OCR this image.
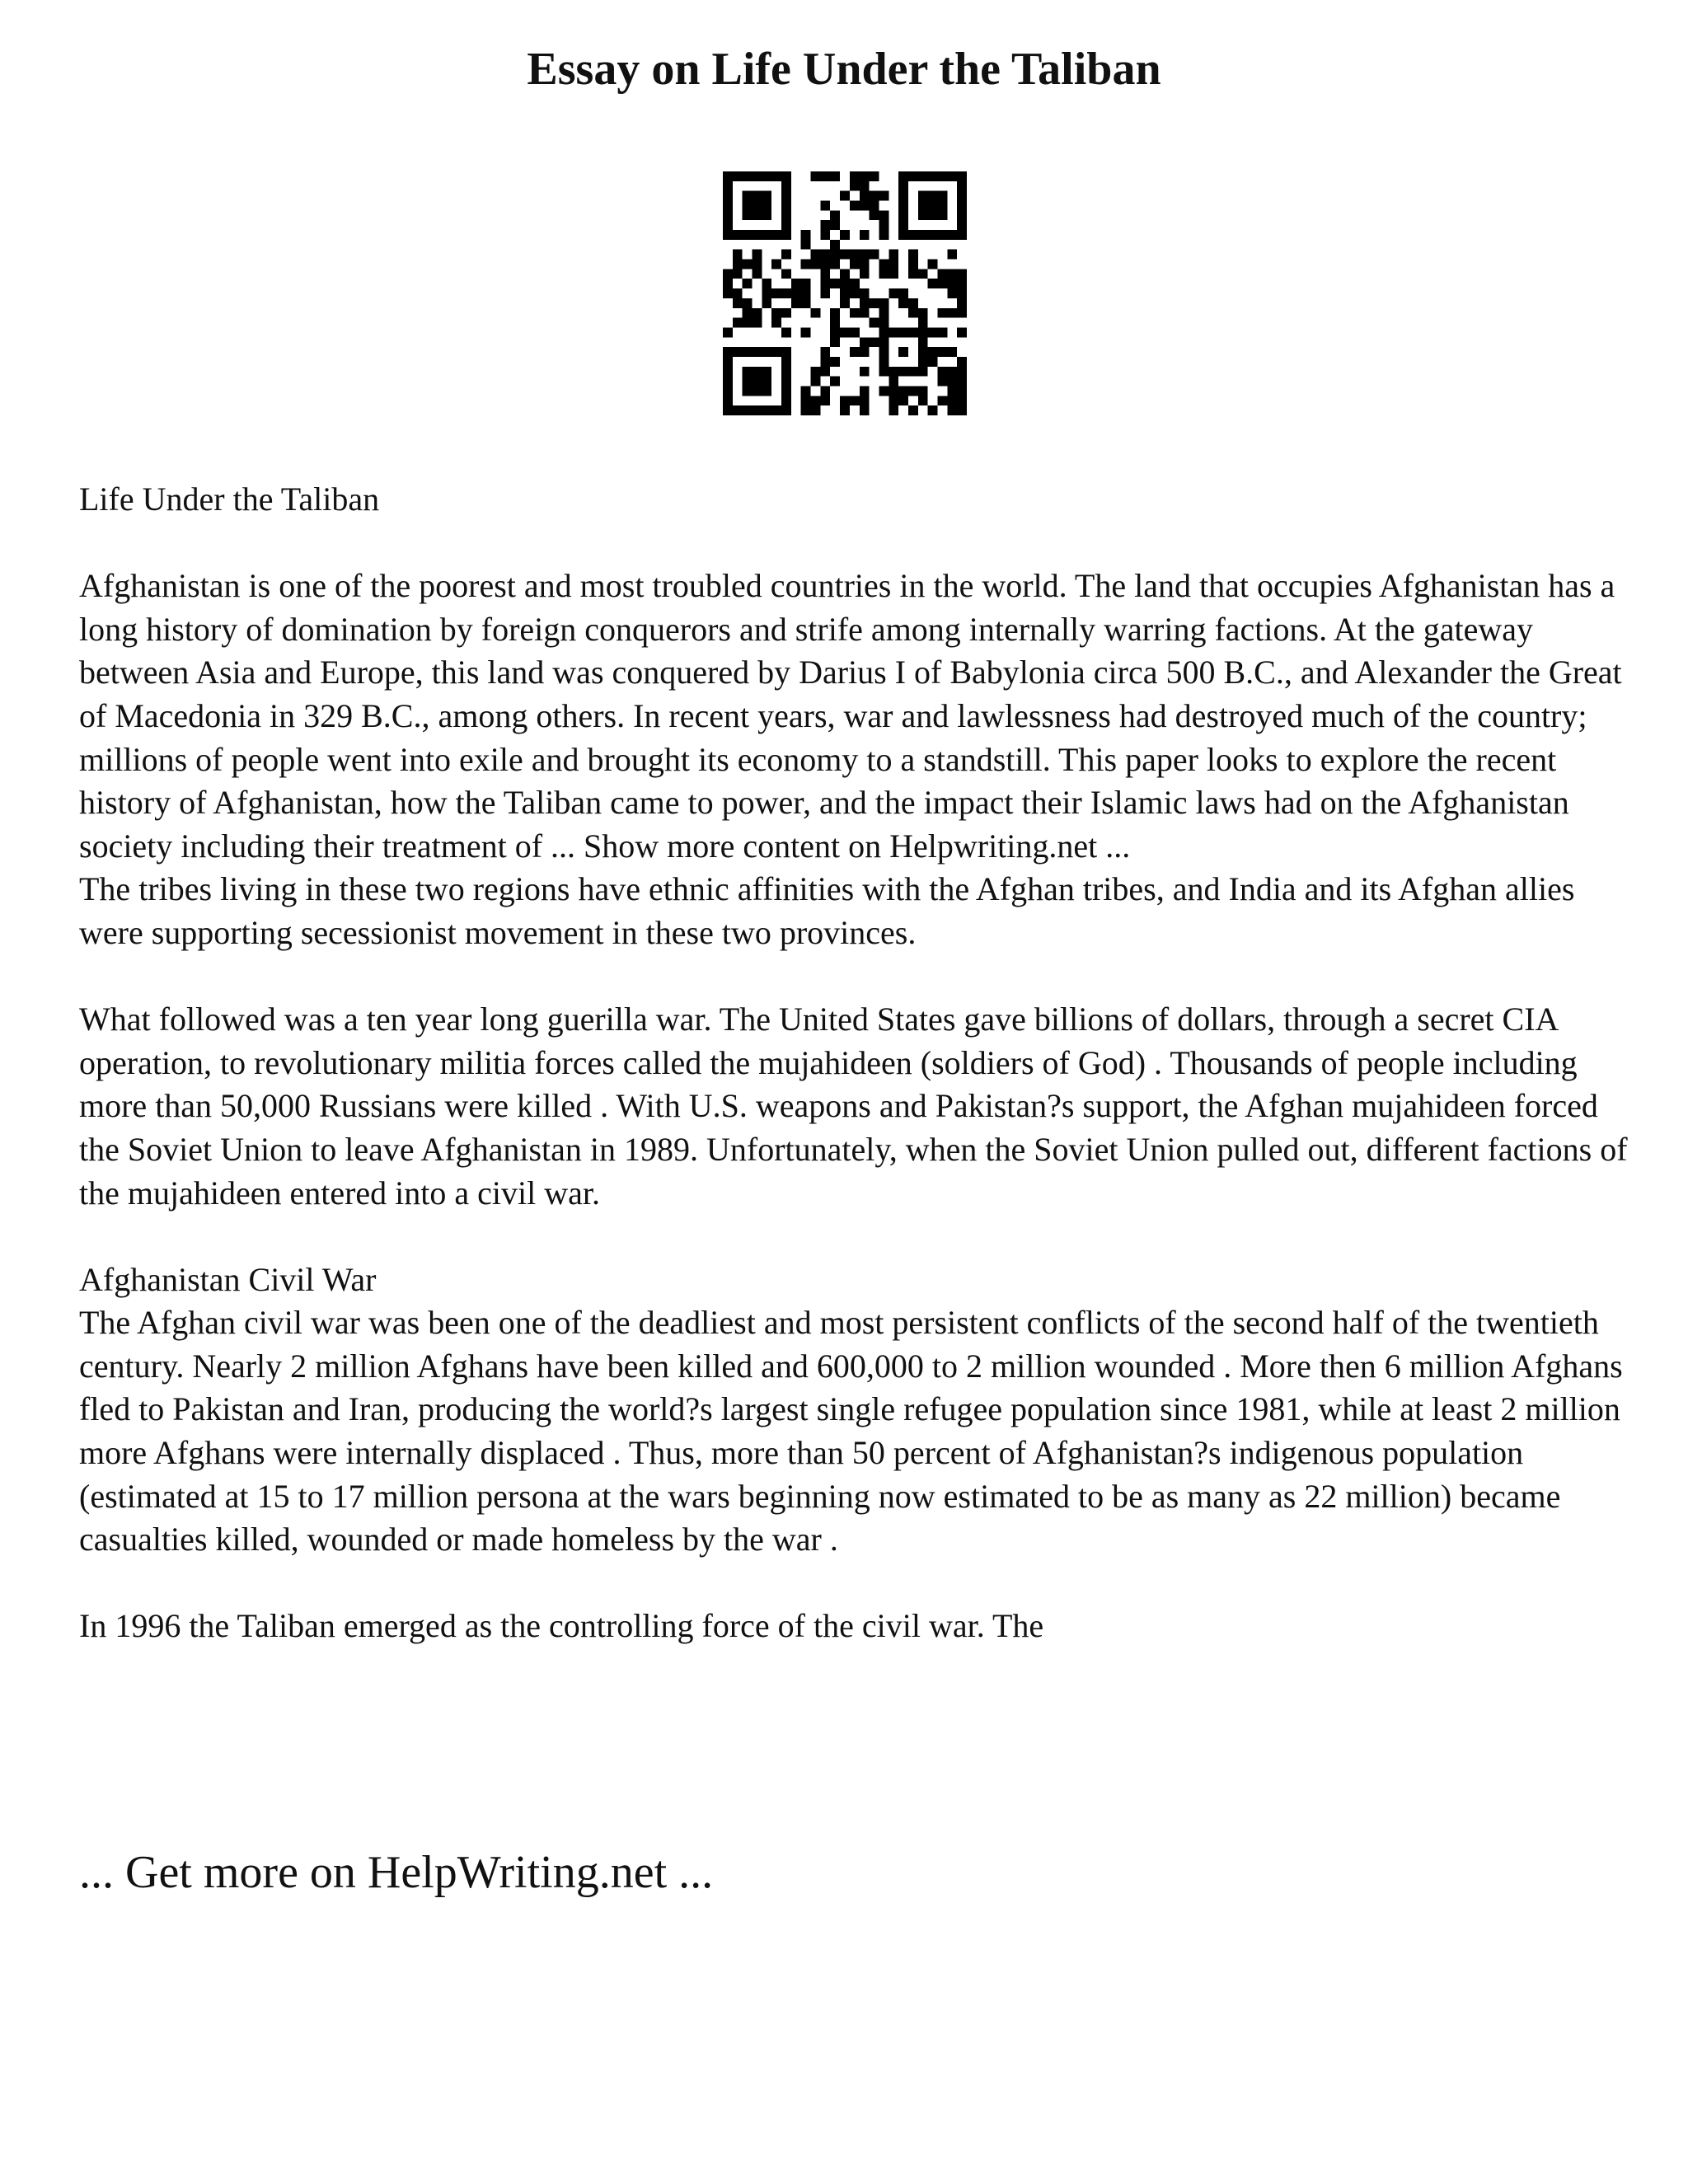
Essay on Life Under the Taliban

Life Under the Taliban

Afghanistan is one of the poorest and most troubled countries in the world. The land that occupies Afghanistan has a long history of domination by foreign conquerors and strife among internally warring factions. At the gateway between Asia and Europe, this land was conquered by Darius I of Babylonia circa 500 B.C., and Alexander the Great of Macedonia in 329 B.C., among others. In recent years, war and lawlessness had destroyed much of the country; millions of people went into exile and brought its economy to a standstill. This paper looks to explore the recent history of Afghanistan, how the Taliban came to power, and the impact their Islamic laws had on the Afghanistan society including their treatment of ... Show more content on Helpwriting.net ...

The tribes living in these two regions have ethnic affinities with the Afghan tribes, and India and its Afghan allies were supporting secessionist movement in these two provinces.

What followed was a ten year long guerilla war. The United States gave billions of dollars, through a secret CIA operation, to revolutionary militia forces called the mujahideen (soldiers of God) . Thousands of people including more than 50,000 Russians were killed . With U.S. weapons and Pakistan?s support, the Afghan mujahideen forced the Soviet Union to leave Afghanistan in 1989. Unfortunately, when the Soviet Union pulled out, different factions of the mujahideen entered into a civil war.

Afghanistan Civil War

The Afghan civil war was been one of the deadliest and most persistent conflicts of the second half of the twentieth century. Nearly 2 million Afghans have been killed and 600,000 to 2 million wounded . More then 6 million Afghans fled to Pakistan and Iran, producing the world?s largest single refugee population since 1981, while at least 2 million more Afghans were internally displaced . Thus, more than 50 percent of Afghanistan?s indigenous population (estimated at 15 to 17 million persona at the wars beginning now estimated to be as many as 22 million) became casualties killed, wounded or made homeless by the war .

In 1996 the Taliban emerged as the controlling force of the civil war. The

... Get more on HelpWriting.net ...
